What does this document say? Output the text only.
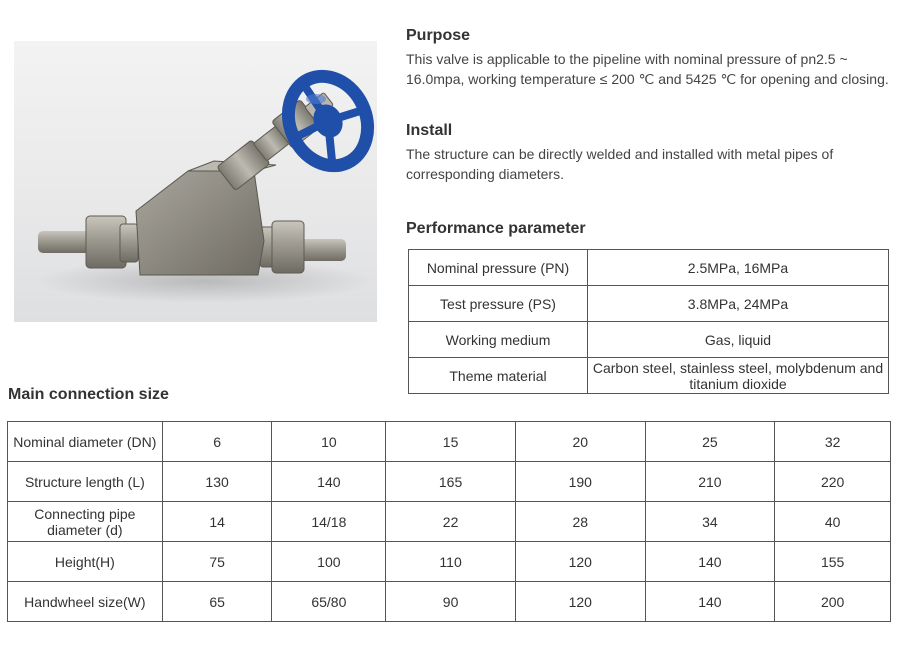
Purpose
This valve is applicable to the pipeline with nominal pressure of pn2.5 ~ 16.0mpa, working temperature ≤ 200 ℃ and 5425 ℃ for opening and closing.
Install
The structure can be directly welded and installed with metal pipes of corresponding diameters.
Performance parameter
Nominal pressure (PN)	2.5MPa, 16MPa
Test pressure (PS)	3.8MPa, 24MPa
Working medium	Gas, liquid
Theme material	Carbon steel, stainless steel, molybdenum and titanium dioxide
Main connection size
Nominal diameter (DN)	6	10	15	20	25	32
Structure length (L)	130	140	165	190	210	220
Connecting pipe diameter (d)	14	14/18	22	28	34	40
Height(H)	75	100	110	120	140	155
Handwheel size(W)	65	65/80	90	120	140	200
